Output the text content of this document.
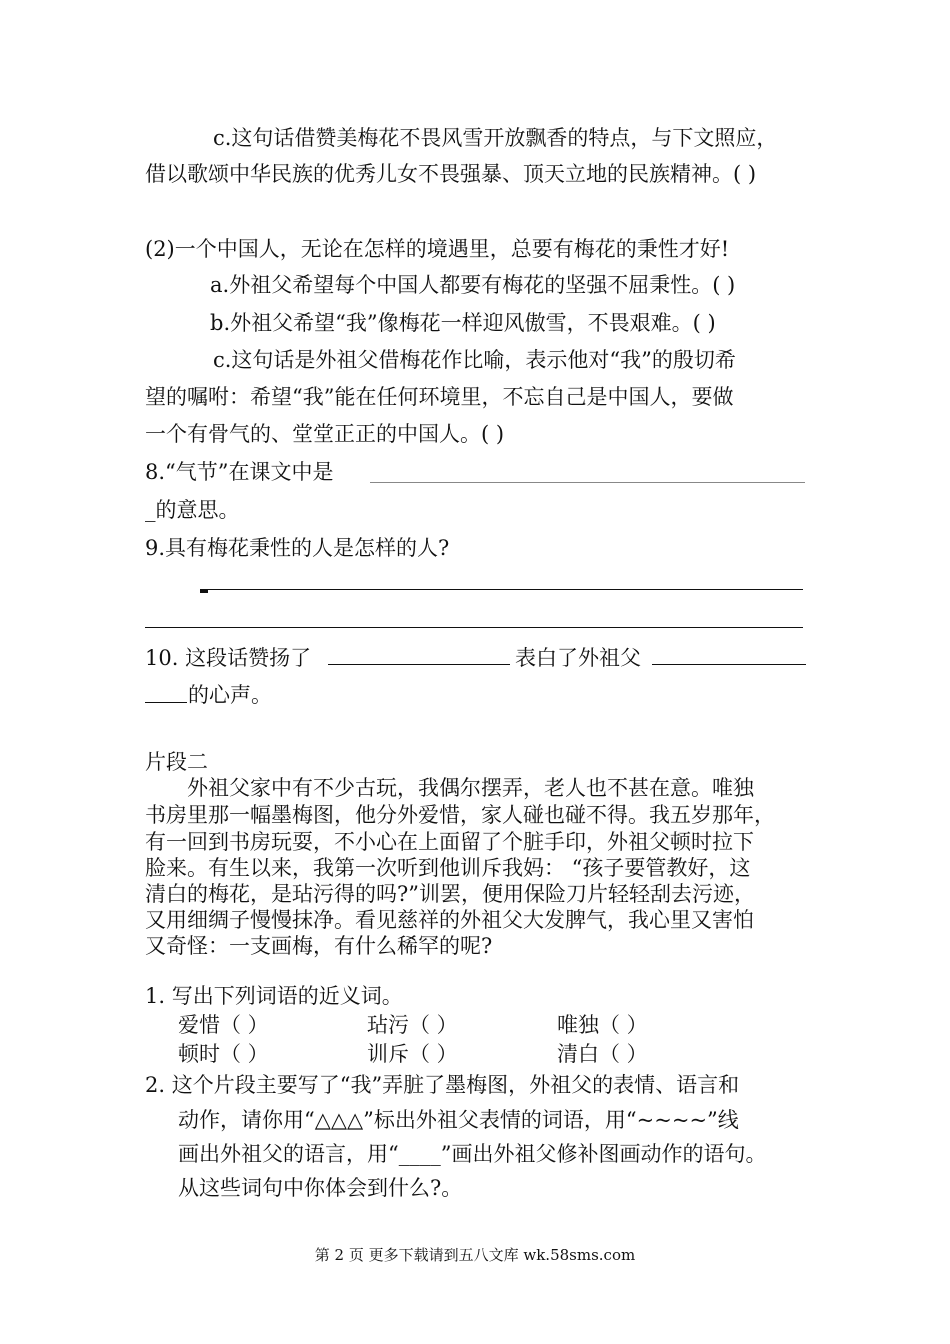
c.这句话借赞美梅花不畏风雪开放飘香的特点，与下文照应，
借以歌颂中华民族的优秀儿女不畏强暴、顶天立地的民族精神。( )
(2)一个中国人，无论在怎样的境遇里，总要有梅花的秉性才好!
a.外祖父希望每个中国人都要有梅花的坚强不屈秉性。( )
b.外祖父希望“我”像梅花一样迎风傲雪，不畏艰难。( )
c.这句话是外祖父借梅花作比喻，表示他对“我”的殷切希
望的嘱咐：希望“我”能在任何环境里，不忘自己是中国人，要做
一个有骨气的、堂堂正正的中国人。( )
8.“气节”在课文中是
_的意思。
9.具有梅花秉性的人是怎样的人?
10. 这段话赞扬了	表白了外祖父
的心声。
片段二
外祖父家中有不少古玩，我偶尔摆弄，老人也不甚在意。唯独
书房里那一幅墨梅图，他分外爱惜，家人碰也碰不得。我五岁那年，
有一回到书房玩耍，不小心在上面留了个脏手印，外祖父顿时拉下
脸来。有生以来，我第一次听到他训斥我妈： “孩子要管教好，这
清白的梅花，是玷污得的吗?”训罢，便用保险刀片轻轻刮去污迹，
又用细绸子慢慢抹净。看见慈祥的外祖父大发脾气，我心里又害怕
又奇怪：一支画梅，有什么稀罕的呢?
1. 写出下列词语的近义词。
爱惜（ ）	玷污（ ）	唯独（ ）
顿时（ ）	训斥（ ）	清白（ ）
2. 这个片段主要写了“我”弄脏了墨梅图，外祖父的表情、语言和
动作，请你用“△△△”标出外祖父表情的词语，用“~~~~”线
画出外祖父的语言，用“____”画出外祖父修补图画动作的语句。
从这些词句中你体会到什么?。
第 2 页 更多下载请到五八文库 wk.58sms.com
